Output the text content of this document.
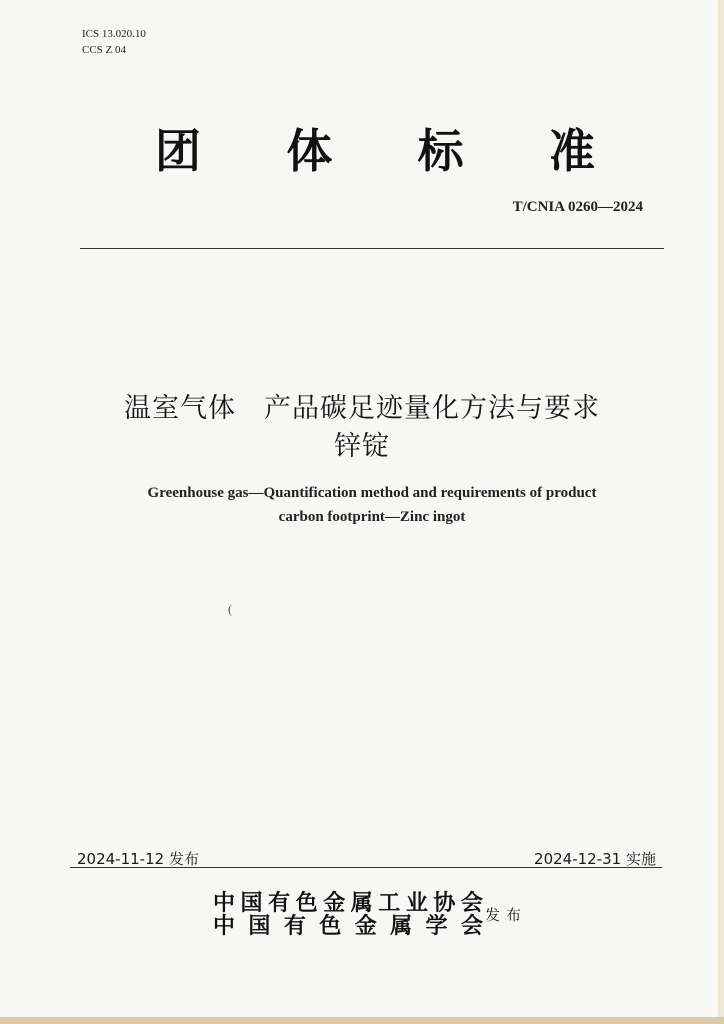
ICS 13.020.10
CCS Z 04
团 体 标 准
T/CNIA 0260—2024
温室气体 产品碳足迹量化方法与要求
锌锭
Greenhouse gas—Quantification method and requirements of product
carbon footprint—Zinc ingot
(
2024-11-12 发布	2024-12-31 实施
中 国 有 色 金 属 工 业 协 会
中 国 有 色 金 属 学 会 发布
